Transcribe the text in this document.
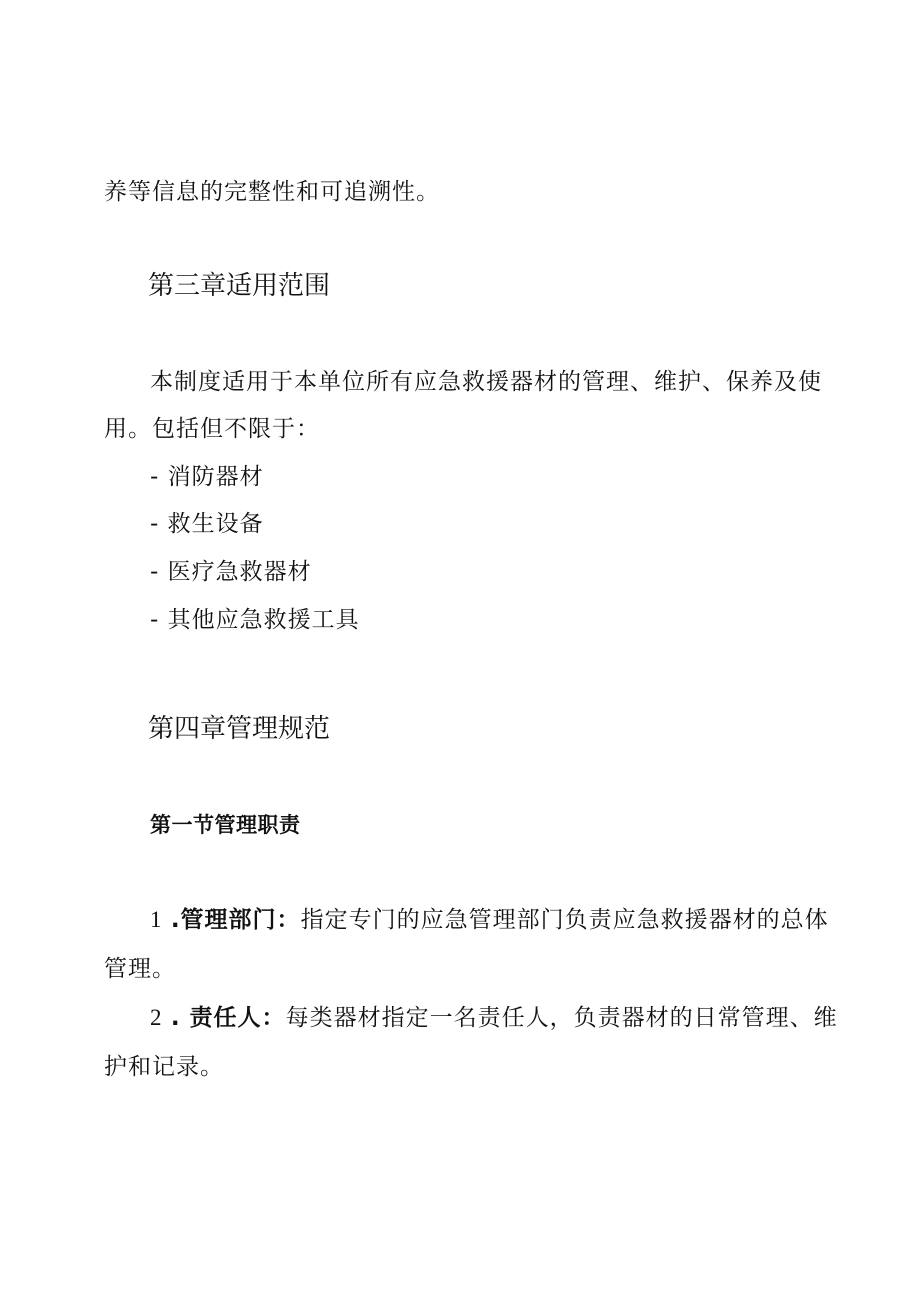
养等信息的完整性和可追溯性。
第三章适用范围
本制度适用于本单位所有应急救援器材的管理、维护、保养及使
用。包括但不限于：
- 消防器材
- 救生设备
- 医疗急救器材
- 其他应急救援工具
第四章管理规范
第一节管理职责
1 .管理部门：指定专门的应急管理部门负责应急救援器材的总体
管理。
2 . 责任人：每类器材指定一名责任人，负责器材的日常管理、维
护和记录。
